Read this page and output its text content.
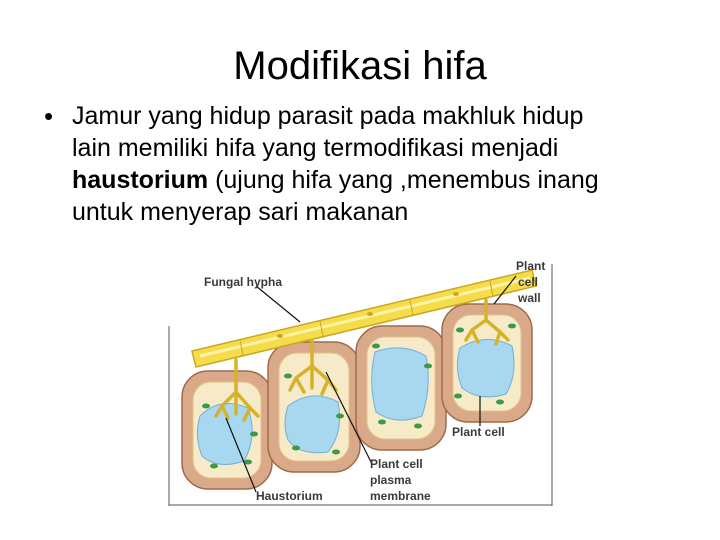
Modifikasi hifa
• Jamur yang hidup parasit pada makhluk hidup
lain memiliki hifa yang termodifikasi menjadi
haustorium (ujung hifa yang ,menembus inang
untuk menyerap sari makanan
Fungal hypha
Plant
cell
wall
Plant cell
Plant cell
plasma
membrane
Haustorium
